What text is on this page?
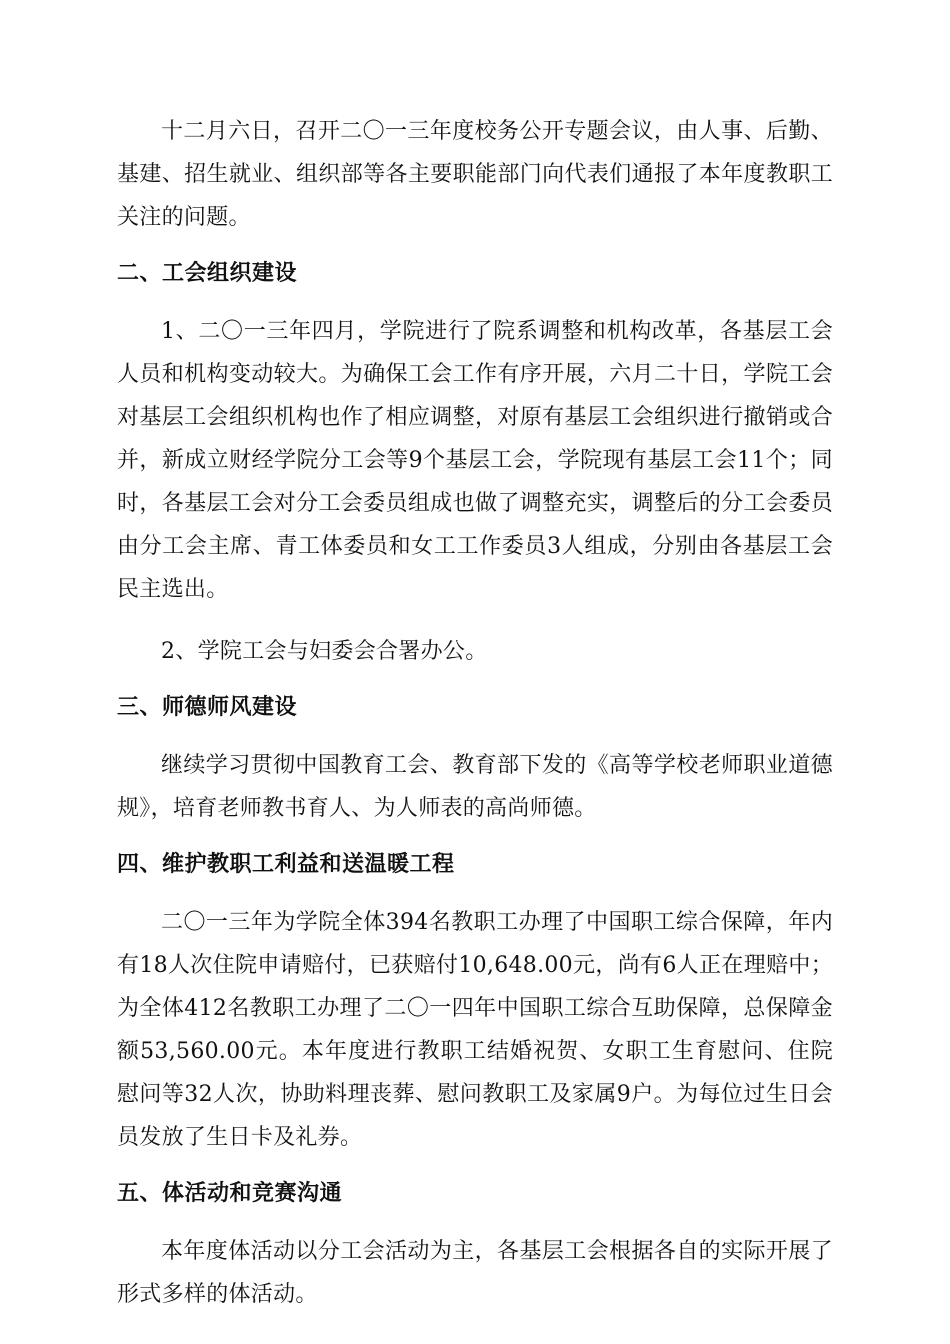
十二月六日，召开二〇一三年度校务公开专题会议，由人事、后勤、基建、招生就业、组织部等各主要职能部门向代表们通报了本年度教职工关注的问题。

二、工会组织建设

1、二〇一三年四月，学院进行了院系调整和机构改革，各基层工会人员和机构变动较大。为确保工会工作有序开展，六月二十日，学院工会对基层工会组织机构也作了相应调整，对原有基层工会组织进行撤销或合并，新成立财经学院分工会等9个基层工会，学院现有基层工会11个；同时，各基层工会对分工会委员组成也做了调整充实，调整后的分工会委员由分工会主席、青工体委员和女工工作委员3人组成，分别由各基层工会民主选出。

2、学院工会与妇委会合署办公。

三、师德师风建设

继续学习贯彻中国教育工会、教育部下发的《高等学校老师职业道德规》，培育老师教书育人、为人师表的高尚师德。

四、维护教职工利益和送温暖工程

二〇一三年为学院全体394名教职工办理了中国职工综合保障，年内有18人次住院申请赔付，已获赔付10,648.00元，尚有6人正在理赔中；为全体412名教职工办理了二〇一四年中国职工综合互助保障，总保障金额53,560.00元。本年度进行教职工结婚祝贺、女职工生育慰问、住院慰问等32人次，协助料理丧葬、慰问教职工及家属9户。为每位过生日会员发放了生日卡及礼券。

五、体活动和竞赛沟通

本年度体活动以分工会活动为主，各基层工会根据各自的实际开展了形式多样的体活动。
